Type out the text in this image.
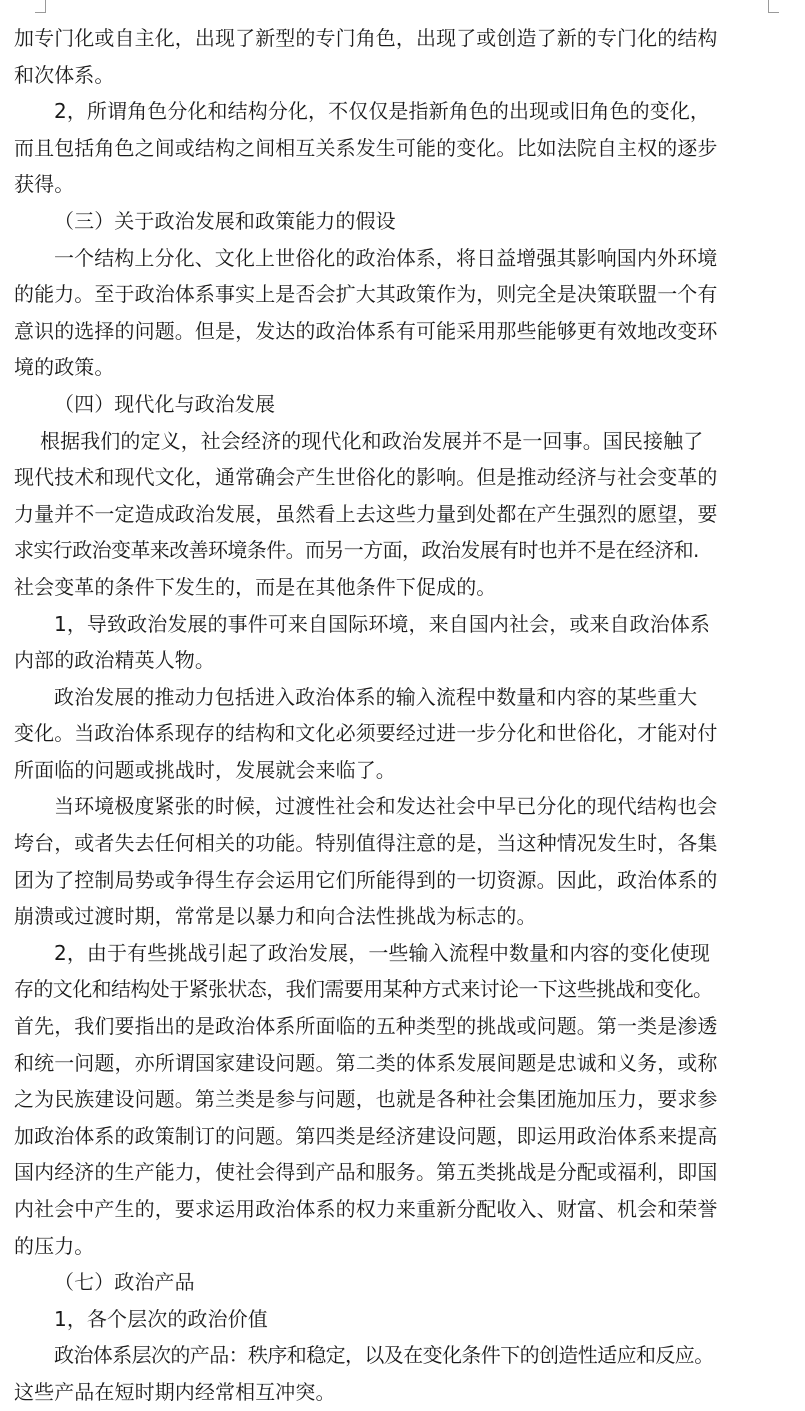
加专门化或自主化，出现了新型的专门角色，出现了或创造了新的专门化的结构
和次体系。
2，所谓角色分化和结构分化，不仅仅是指新角色的出现或旧角色的变化，
而且包括角色之间或结构之间相互关系发生可能的变化。比如法院自主权的逐步
获得。
（三）关于政治发展和政策能力的假设
一个结构上分化、文化上世俗化的政治体系，将日益增强其影响国内外环境
的能力。至于政治体系事实上是否会扩大其政策作为，则完全是决策联盟一个有
意识的选择的问题。但是，发达的政治体系有可能采用那些能够更有效地改变环
境的政策。
（四）现代化与政治发展
根据我们的定义，社会经济的现代化和政治发展并不是一回事。国民接触了
现代技术和现代文化，通常确会产生世俗化的影响。但是推动经济与社会变革的
力量并不一定造成政治发展，虽然看上去这些力量到处都在产生强烈的愿望，要
求实行政治变革来改善环境条件。而另一方面，政治发展有时也并不是在经济和.
社会变革的条件下发生的，而是在其他条件下促成的。
1，导致政治发展的事件可来自国际环境，来自国内社会，或来自政治体系
内部的政治精英人物。
政治发展的推动力包括进入政治体系的输入流程中数量和内容的某些重大
变化。当政治体系现存的结构和文化必须要经过进一步分化和世俗化，才能对付
所面临的问题或挑战时，发展就会来临了。
当环境极度紧张的时候，过渡性社会和发达社会中早已分化的现代结构也会
垮台，或者失去任何相关的功能。特别值得注意的是，当这种情况发生时，各集
团为了控制局势或争得生存会运用它们所能得到的一切资源。因此，政治体系的
崩溃或过渡时期，常常是以暴力和向合法性挑战为标志的。
2，由于有些挑战引起了政治发展，一些输入流程中数量和内容的变化使现
存的文化和结构处于紧张状态，我们需要用某种方式来讨论一下这些挑战和变化。
首先，我们要指出的是政治体系所面临的五种类型的挑战或问题。第一类是渗透
和统一问题，亦所谓国家建设问题。第二类的体系发展间题是忠诚和义务，或称
之为民族建设问题。第兰类是参与问题，也就是各种社会集团施加压力，要求参
加政治体系的政策制订的问题。第四类是经济建设问题，即运用政治体系来提高
国内经济的生产能力，使社会得到产品和服务。第五类挑战是分配或福利，即国
内社会中产生的，要求运用政治体系的权力来重新分配收入、财富、机会和荣誉
的压力。
（七）政治产品
1，各个层次的政治价值
政治体系层次的产品：秩序和稳定，以及在变化条件下的创造性适应和反应。
这些产品在短时期内经常相互冲突。
